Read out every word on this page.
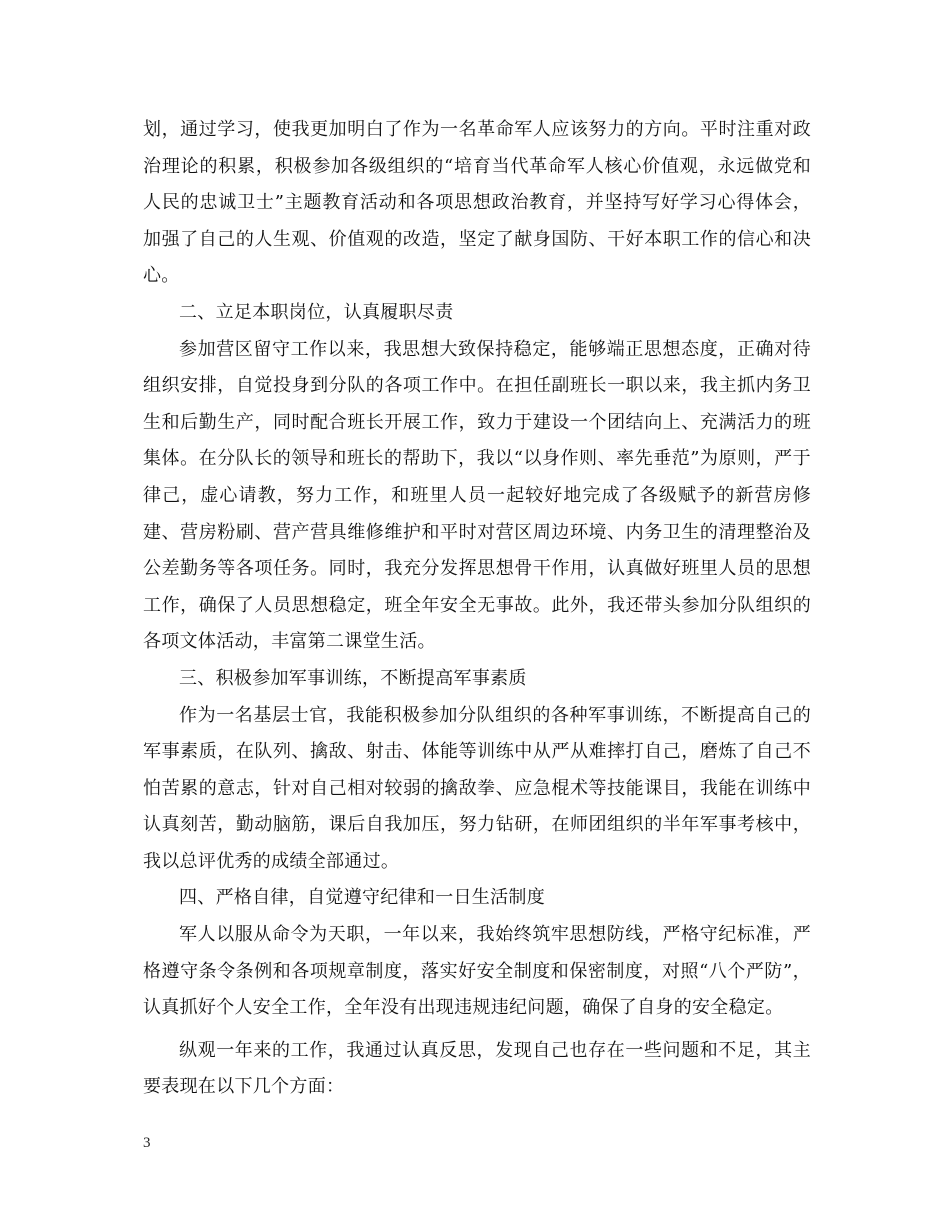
划，通过学习，使我更加明白了作为一名革命军人应该努力的方向。平时注重对政治理论的积累，积极参加各级组织的“培育当代革命军人核心价值观，永远做党和人民的忠诚卫士”主题教育活动和各项思想政治教育，并坚持写好学习心得体会，加强了自己的人生观、价值观的改造，坚定了献身国防、干好本职工作的信心和决心。

二、立足本职岗位，认真履职尽责

参加营区留守工作以来，我思想大致保持稳定，能够端正思想态度，正确对待组织安排，自觉投身到分队的各项工作中。在担任副班长一职以来，我主抓内务卫生和后勤生产，同时配合班长开展工作，致力于建设一个团结向上、充满活力的班集体。在分队长的领导和班长的帮助下，我以“以身作则、率先垂范”为原则，严于律己，虚心请教，努力工作，和班里人员一起较好地完成了各级赋予的新营房修建、营房粉刷、营产营具维修维护和平时对营区周边环境、内务卫生的清理整治及公差勤务等各项任务。同时，我充分发挥思想骨干作用，认真做好班里人员的思想工作，确保了人员思想稳定，班全年安全无事故。此外，我还带头参加分队组织的各项文体活动，丰富第二课堂生活。

三、积极参加军事训练，不断提高军事素质

作为一名基层士官，我能积极参加分队组织的各种军事训练，不断提高自己的军事素质，在队列、擒敌、射击、体能等训练中从严从难摔打自己，磨炼了自己不怕苦累的意志，针对自己相对较弱的擒敌拳、应急棍术等技能课目，我能在训练中认真刻苦，勤动脑筋，课后自我加压，努力钻研，在师团组织的半年军事考核中，我以总评优秀的成绩全部通过。

四、严格自律，自觉遵守纪律和一日生活制度

军人以服从命令为天职，一年以来，我始终筑牢思想防线，严格守纪标准，严格遵守条令条例和各项规章制度，落实好安全制度和保密制度，对照“八个严防”，认真抓好个人安全工作，全年没有出现违规违纪问题，确保了自身的安全稳定。

纵观一年来的工作，我通过认真反思，发现自己也存在一些问题和不足，其主要表现在以下几个方面：

3
